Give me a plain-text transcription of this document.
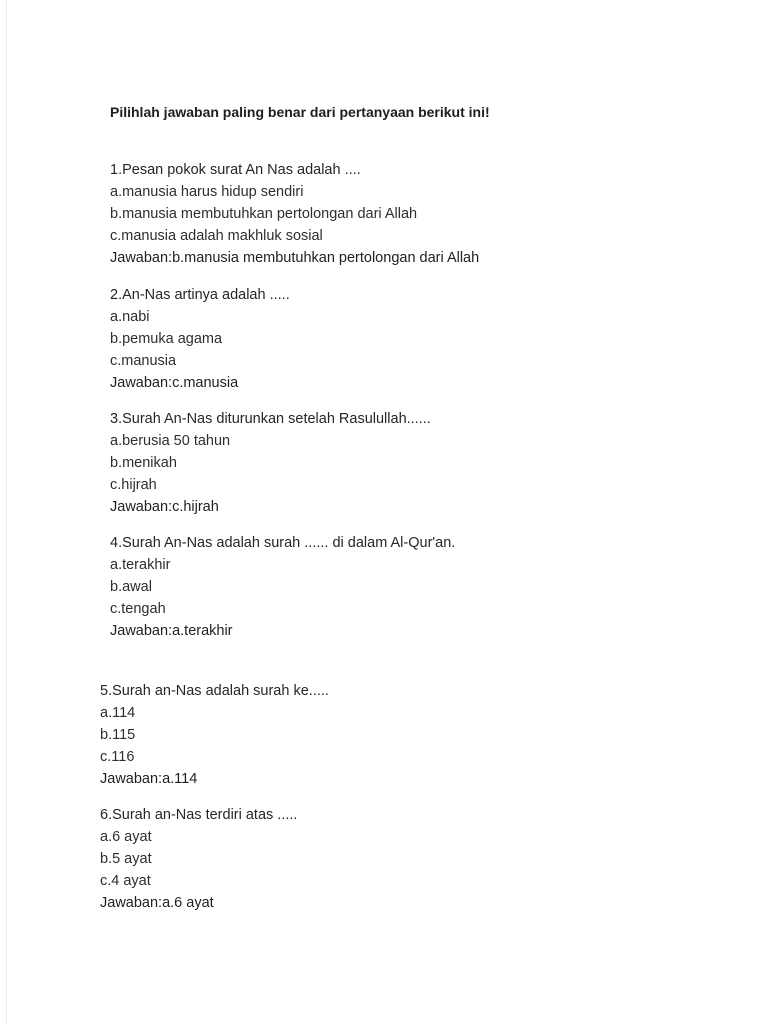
Pilihlah jawaban paling benar dari pertanyaan berikut ini!
1.Pesan pokok surat An Nas adalah ....
a.manusia harus hidup sendiri
b.manusia membutuhkan pertolongan dari Allah
c.manusia adalah makhluk sosial
Jawaban:b.manusia membutuhkan pertolongan dari Allah
2.An-Nas artinya adalah .....
a.nabi
b.pemuka agama
c.manusia
Jawaban:c.manusia
3.Surah An-Nas diturunkan setelah Rasulullah......
a.berusia 50 tahun
b.menikah
c.hijrah
Jawaban:c.hijrah
4.Surah An-Nas adalah surah ...... di dalam Al-Qur'an.
a.terakhir
b.awal
c.tengah
Jawaban:a.terakhir
5.Surah an-Nas adalah surah ke.....
a.114
b.115
c.116
Jawaban:a.114
6.Surah an-Nas terdiri atas .....
a.6 ayat
b.5 ayat
c.4 ayat
Jawaban:a.6 ayat
